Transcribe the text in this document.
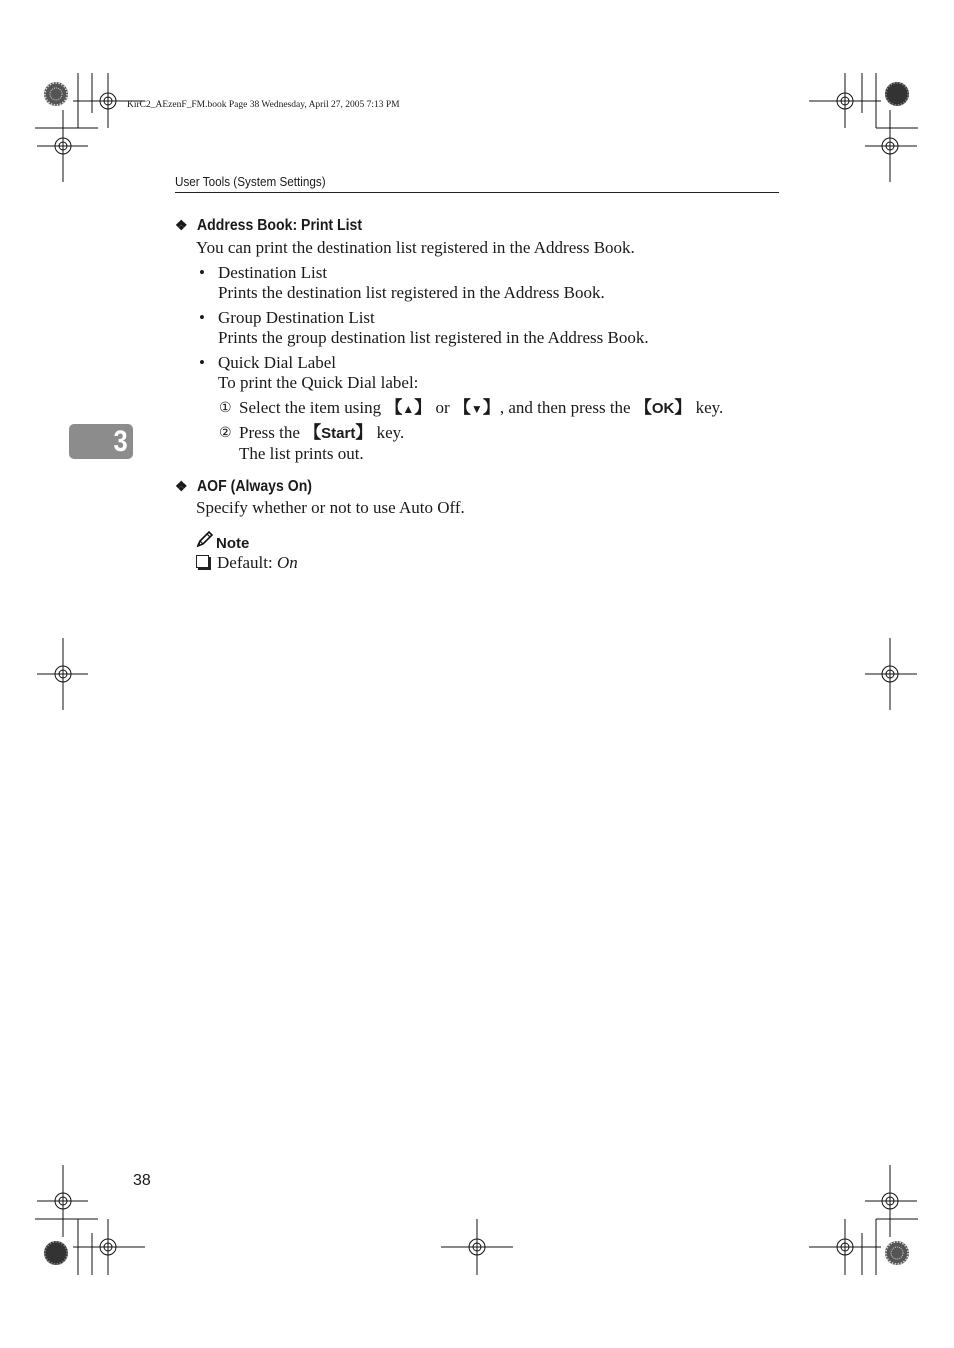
KirC2_AEzenF_FM.book Page 38 Wednesday, April 27, 2005 7:13 PM
User Tools (System Settings)
3
❖ Address Book: Print List
You can print the destination list registered in the Address Book.
• Destination List
Prints the destination list registered in the Address Book.
• Group Destination List
Prints the group destination list registered in the Address Book.
• Quick Dial Label
To print the Quick Dial label:
① Select the item using 【▲】 or 【▼】, and then press the 【OK】 key.
② Press the 【Start】 key.
The list prints out.
❖ AOF (Always On)
Specify whether or not to use Auto Off.
Note
Default: On
38
